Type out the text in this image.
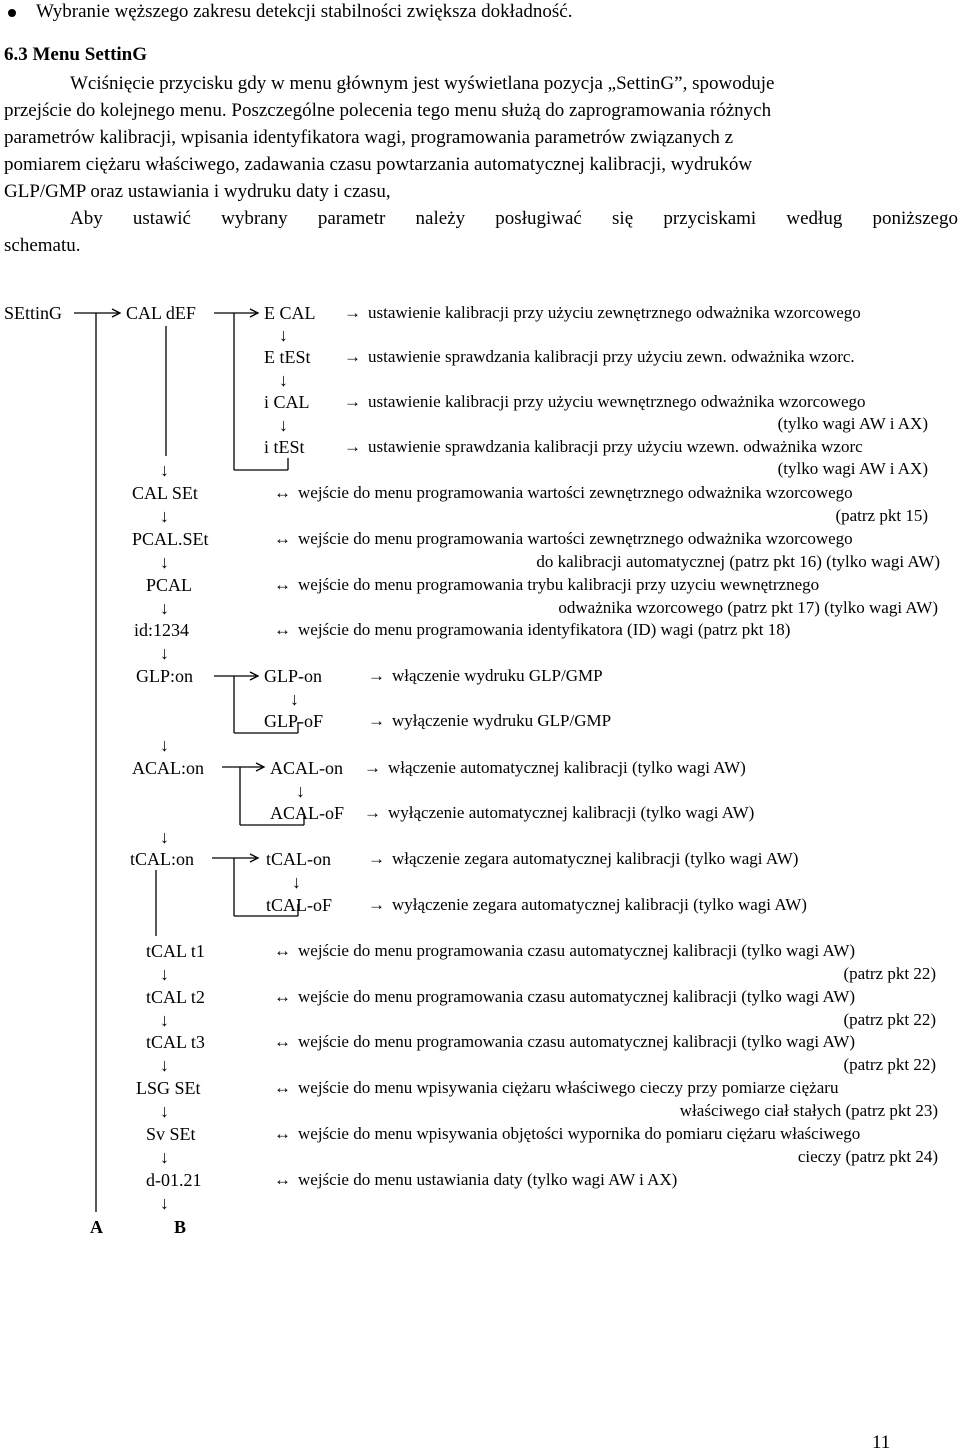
Wybranie węższego zakresu detekcji stabilności zwiększa dokładność.
6.3 Menu SettinG
Wciśnięcie przycisku gdy w menu głównym jest wyświetlana pozycja „SettinG”, spowoduje
przejście do kolejnego menu. Poszczególne polecenia tego menu służą do zaprogramowania różnych
parametrów kalibracji, wpisania identyfikatora wagi, programowania parametrów związanych z
pomiarem ciężaru właściwego, zadawania czasu powtarzania automatycznej kalibracji, wydruków
GLP/GMP oraz ustawiania i wydruku daty i czasu,
Aby ustawić wybrany parametr należy posługiwać się przyciskami według poniższego
schematu.
SEttinG	CAL dEF	E CAL → ustawienie kalibracji przy użyciu zewnętrznego odważnika wzorcowego
↓
E tESt → ustawienie sprawdzania kalibracji przy użyciu zewn. odważnika wzorc.
↓
i CAL → ustawienie kalibracji przy użyciu wewnętrznego odważnika wzorcowego
(tylko wagi AW i AX)
↓
i tESt → ustawienie sprawdzania kalibracji przy użyciu wzewn. odważnika wzorc
(tylko wagi AW i AX)
↓
CAL SEt	↔ wejście do menu programowania wartości zewnętrznego odważnika wzorcowego
(patrz pkt 15)
↓
PCAL.SEt	↔ wejście do menu programowania wartości zewnętrznego odważnika wzorcowego
do kalibracji automatycznej (patrz pkt 16) (tylko wagi AW)
↓
PCAL	↔ wejście do menu programowania trybu kalibracji przy uzyciu wewnętrznego
odważnika wzorcowego (patrz pkt 17) (tylko wagi AW)
↓
id:1234	↔ wejście do menu programowania identyfikatora (ID) wagi (patrz pkt 18)
↓
GLP:on	GLP-on	→ włączenie wydruku GLP/GMP
↓
GLP-oF	→ wyłączenie wydruku GLP/GMP
↓
ACAL:on	ACAL-on → włączenie automatycznej kalibracji (tylko wagi AW)
↓
ACAL-oF → wyłączenie automatycznej kalibracji (tylko wagi AW)
↓
tCAL:on	tCAL-on → włączenie zegara automatycznej kalibracji (tylko wagi AW)
↓
tCAL-oF → wyłączenie zegara automatycznej kalibracji (tylko wagi AW)
tCAL t1	↔ wejście do menu programowania czasu automatycznej kalibracji (tylko wagi AW)
(patrz pkt 22)
↓
tCAL t2	↔ wejście do menu programowania czasu automatycznej kalibracji (tylko wagi AW)
(patrz pkt 22)
↓
tCAL t3	↔ wejście do menu programowania czasu automatycznej kalibracji (tylko wagi AW)
(patrz pkt 22)
↓
LSG SEt	↔ wejście do menu wpisywania ciężaru właściwego cieczy przy pomiarze ciężaru
właściwego ciał stałych (patrz pkt 23)
↓
Sv SEt	↔ wejście do menu wpisywania objętości wypornika do pomiaru ciężaru właściwego
cieczy (patrz pkt 24)
↓
d-01.21	↔ wejście do menu ustawiania daty (tylko wagi AW i AX)
↓
A	B
11
